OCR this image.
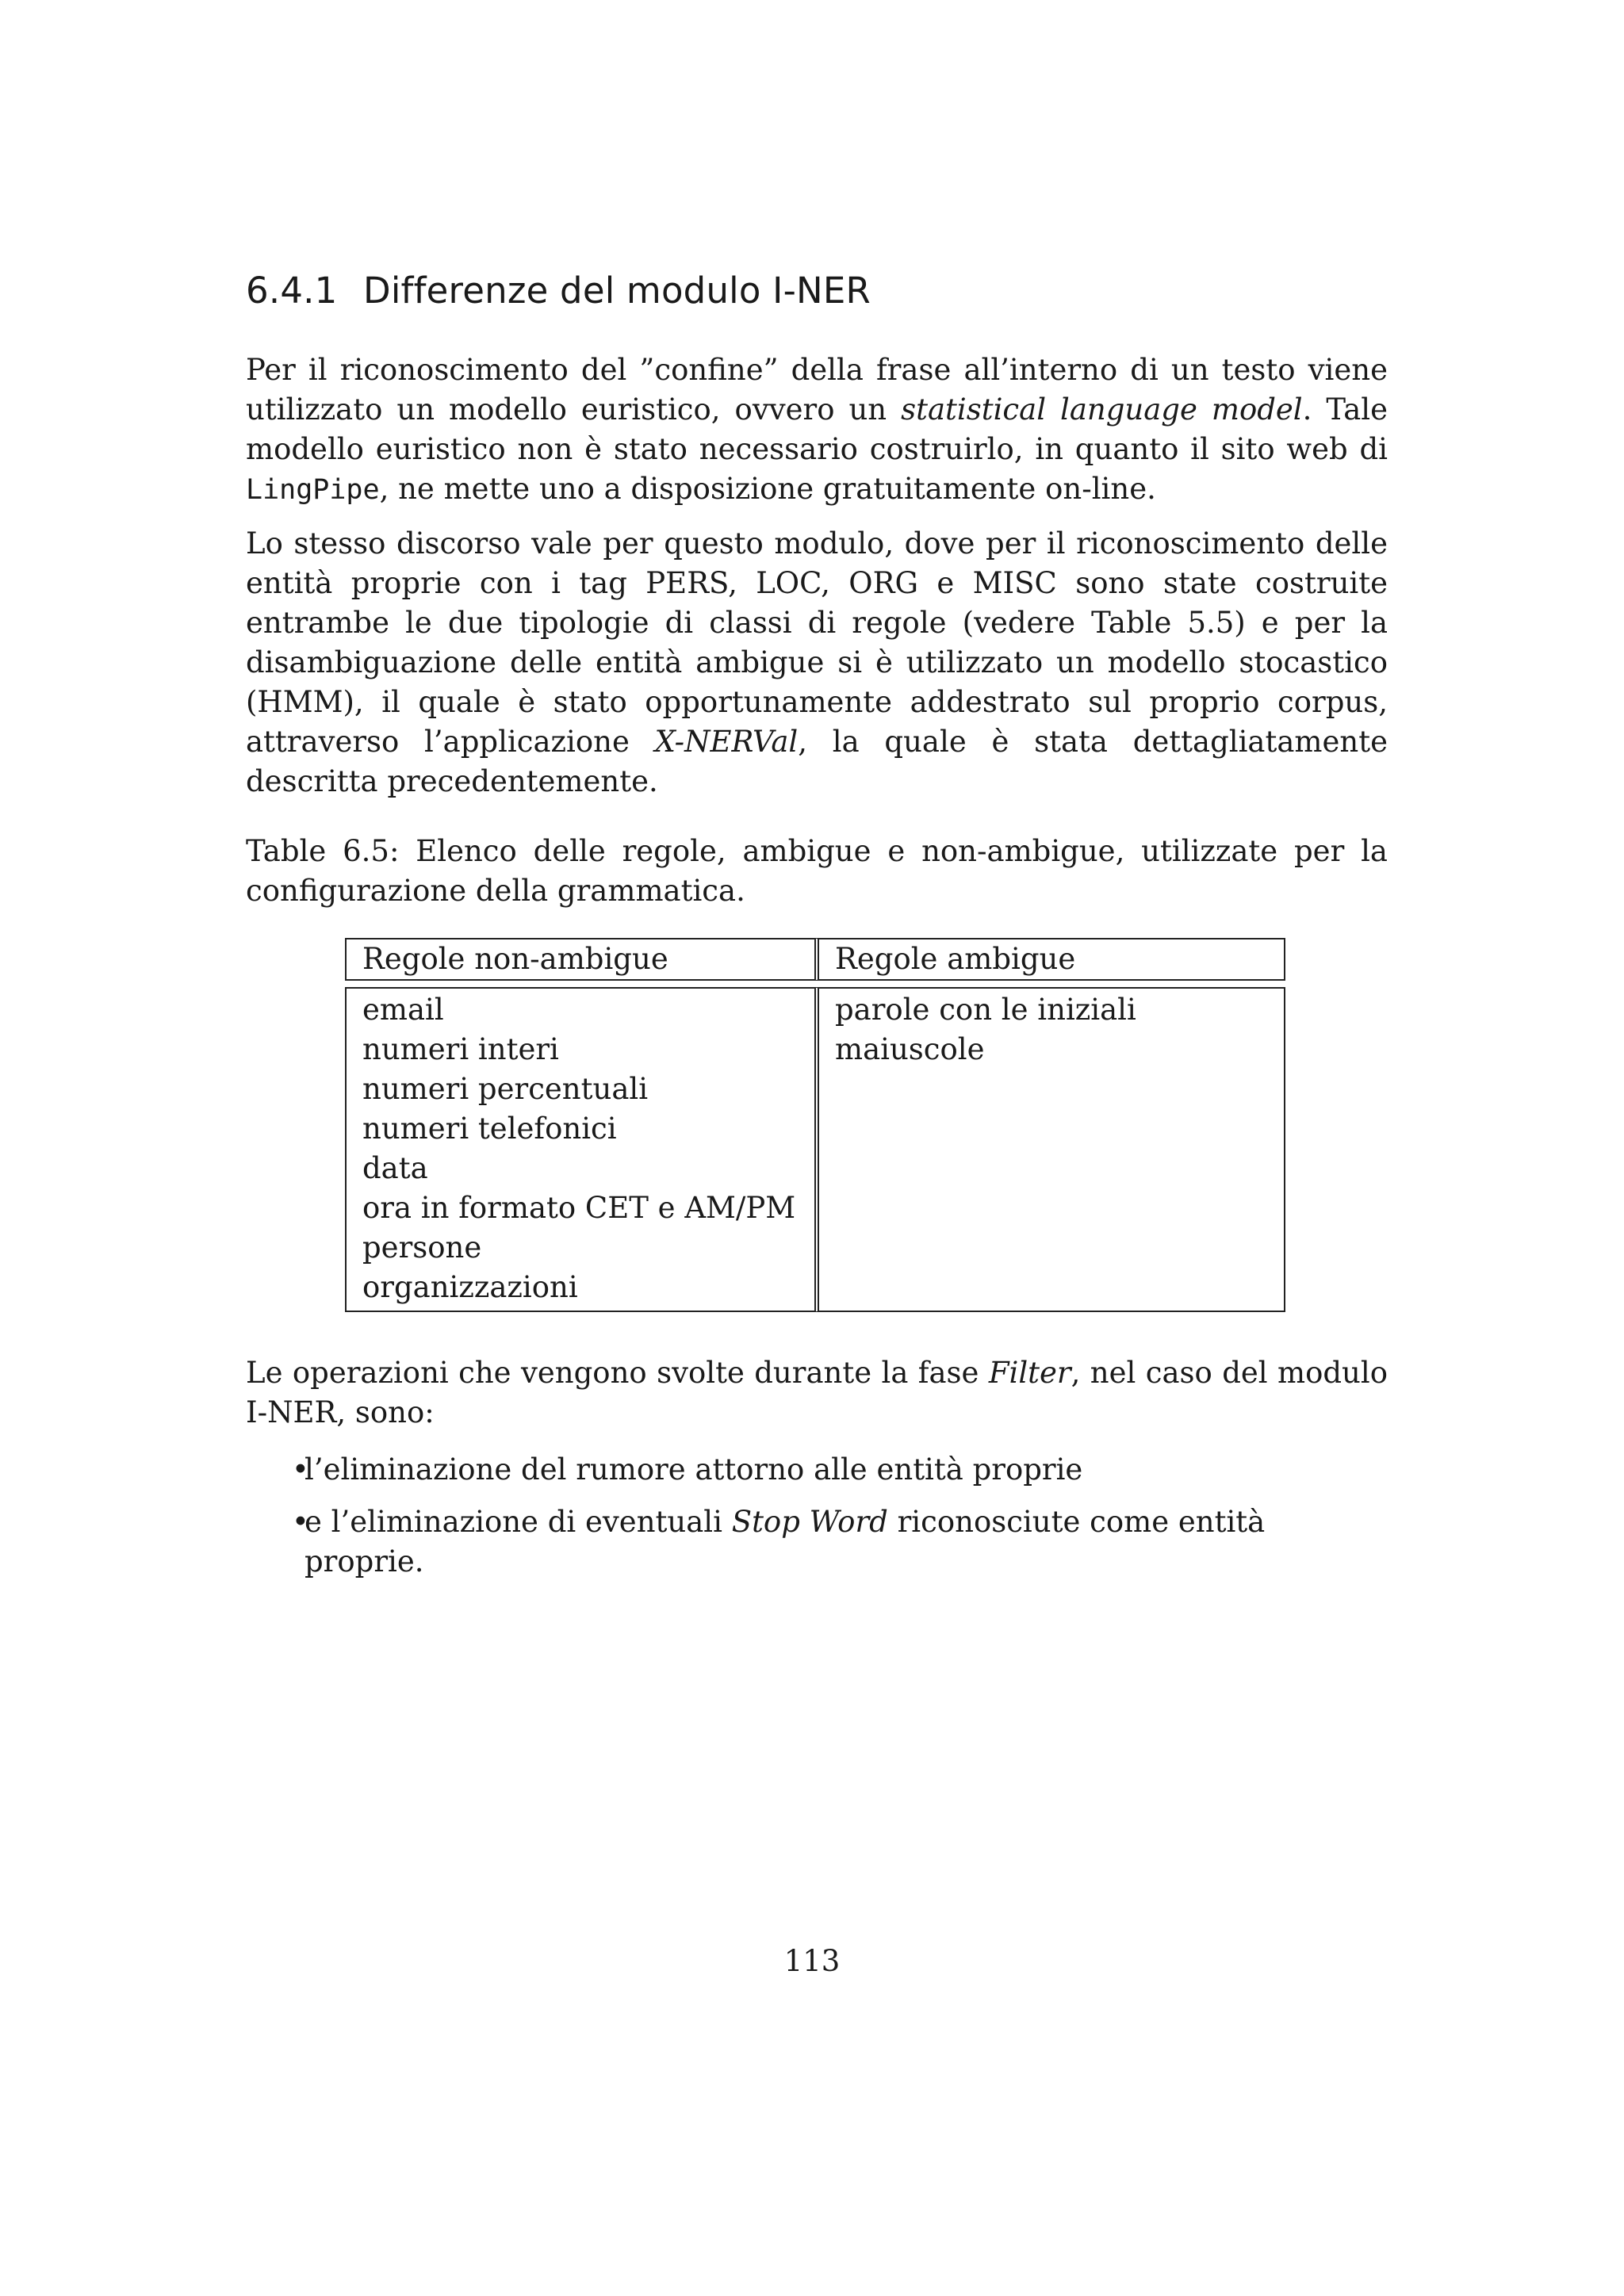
6.4.1 Differenze del modulo I-NER

Per il riconoscimento del ”confine” della frase all’interno di un testo viene utilizzato un modello euristico, ovvero un statistical language model. Tale modello euristico non è stato necessario costruirlo, in quanto il sito web di LingPipe, ne mette uno a disposizione gratuitamente on-line.

Lo stesso discorso vale per questo modulo, dove per il riconoscimento delle entità proprie con i tag PERS, LOC, ORG e MISC sono state costruite entrambe le due tipologie di classi di regole (vedere Table 5.5) e per la disambiguazione delle entità ambigue si è utilizzato un modello stocastico (HMM), il quale è stato opportunamente addestrato sul proprio corpus, attraverso l’applicazione X-NERVal, la quale è stata dettagliatamente descritta precedentemente.

Table 6.5: Elenco delle regole, ambigue e non-ambigue, utilizzate per la configurazione della grammatica.

Regole non-ambigue	Regole ambigue
email
numeri interi
numeri percentuali
numeri telefonici
data
ora in formato CET e AM/PM
persone
organizzazioni
parole con le iniziali maiuscole

Le operazioni che vengono svolte durante la fase Filter, nel caso del modulo I-NER, sono:

•
l’eliminazione del rumore attorno alle entità proprie
•
e l’eliminazione di eventuali Stop Word riconosciute come entità proprie.
113
